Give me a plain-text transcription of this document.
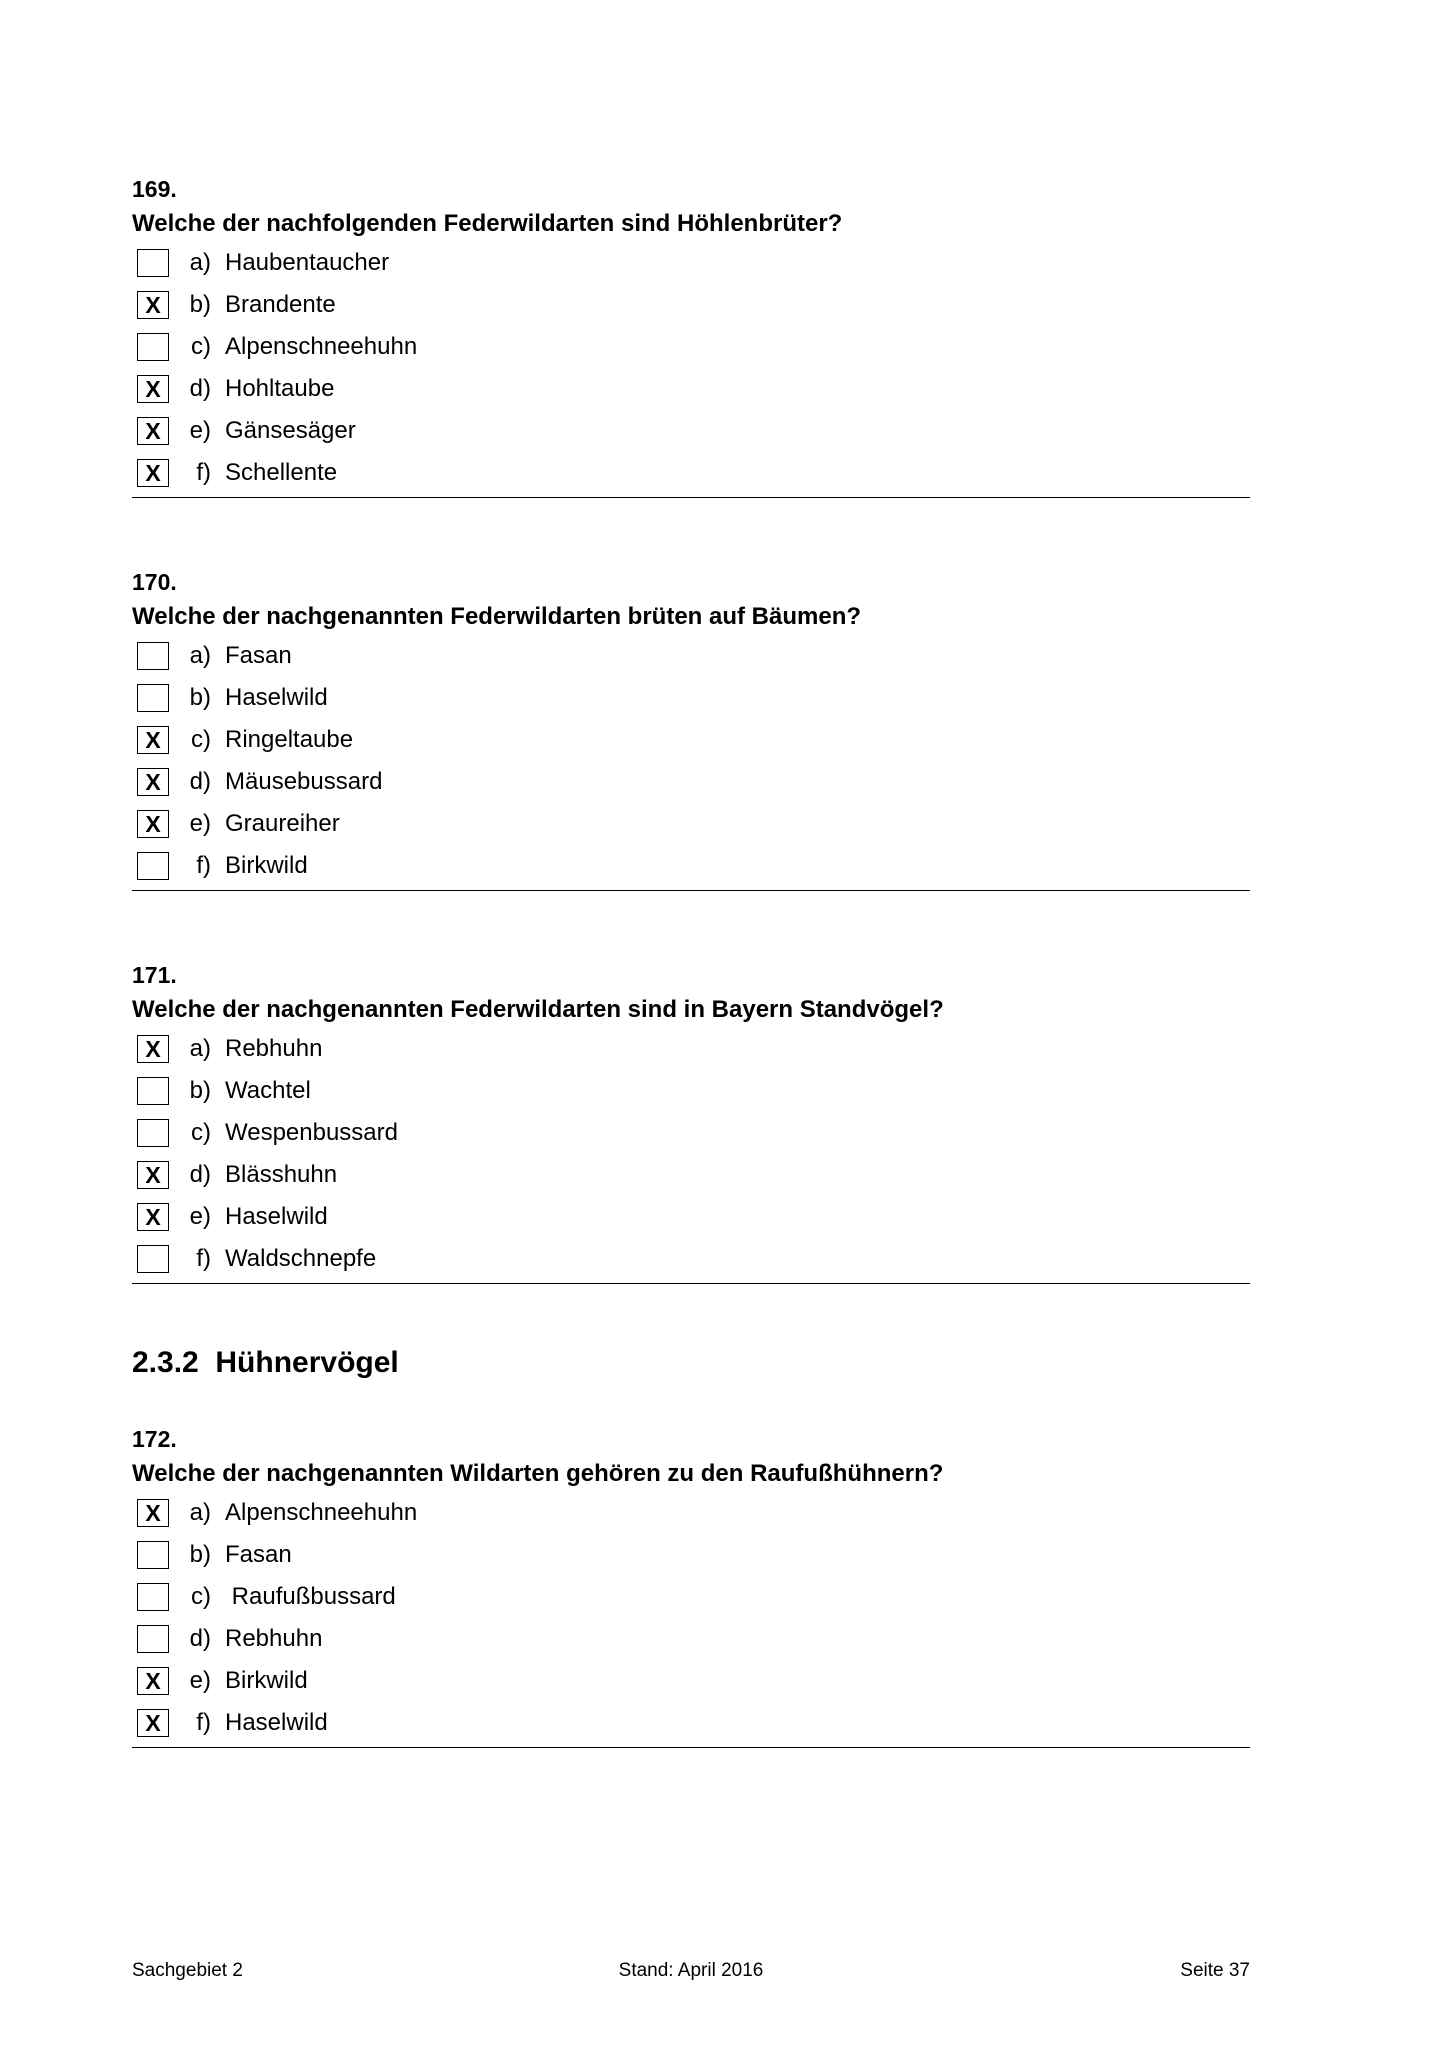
169.
Welche der nachfolgenden Federwildarten sind Höhlenbrüter?
a) Haubentaucher
X	b) Brandente
c) Alpenschneehuhn
X	d) Hohltaube
X	e) Gänsesäger
X	f) Schellente
170.
Welche der nachgenannten Federwildarten brüten auf Bäumen?
a) Fasan
b) Haselwild
X	c) Ringeltaube
X	d) Mäusebussard
X	e) Graureiher
f) Birkwild
171.
Welche der nachgenannten Federwildarten sind in Bayern Standvögel?
X	a) Rebhuhn
b) Wachtel
c) Wespenbussard
X	d) Blässhuhn
X	e) Haselwild
f) Waldschnepfe
2.3.2  Hühnervögel
172.
Welche der nachgenannten Wildarten gehören zu den Raufußhühnern?
X	a) Alpenschneehuhn
b) Fasan
c) Raufußbussard
d) Rebhuhn
X	e) Birkwild
X	f) Haselwild
Sachgebiet 2	Stand: April 2016	Seite 37
